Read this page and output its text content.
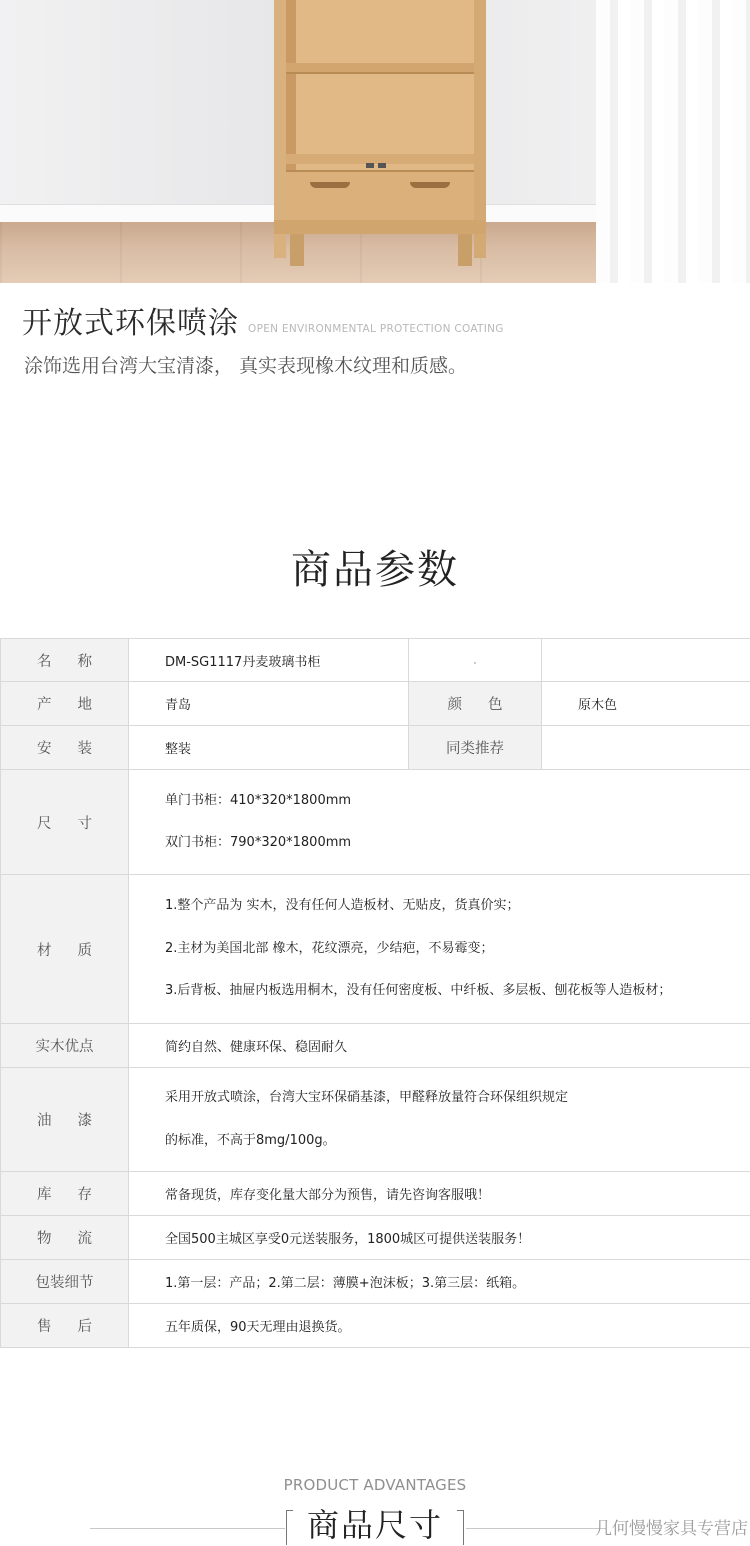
开放式环保喷涂 OPEN ENVIRONMENTAL PROTECTION COATING
涂饰选用台湾大宝清漆， 真实表现橡木纹理和质感。
商品参数
名称	DM-SG1117丹麦玻璃书柜		
产地	青岛	颜色	原木色
安装	整装	同类推荐	
尺寸	单门书柜：410*320*1800mm

双门书柜：790*320*1800mm		

材质	1.整个产品为 实木，没有任何人造板材、无贴皮，货真价实；

2.主材为美国北部 橡木，花纹漂亮，少结疤，不易霉变；

3.后背板、抽屉内板选用桐木，没有任何密度板、中纤板、多层板、刨花板等人造板材；		

实木优点	简约自然、健康环保、稳固耐久		
油漆	采用开放式喷涂，台湾大宝环保硝基漆，甲醛释放量符合环保组织规定

的标准，不高于8mg/100g。		

库存	常备现货，库存变化量大部分为预售，请先咨询客服哦！		
物流	全国500主城区享受0元送装服务，1800城区可提供送装服务！		
包装细节	1.第一层：产品；2.第二层：薄膜+泡沫板；3.第三层：纸箱。		
售后	五年质保，90天无理由退换货。		
PRODUCT ADVANTAGES
商品尺寸	几何慢慢家具专营店
